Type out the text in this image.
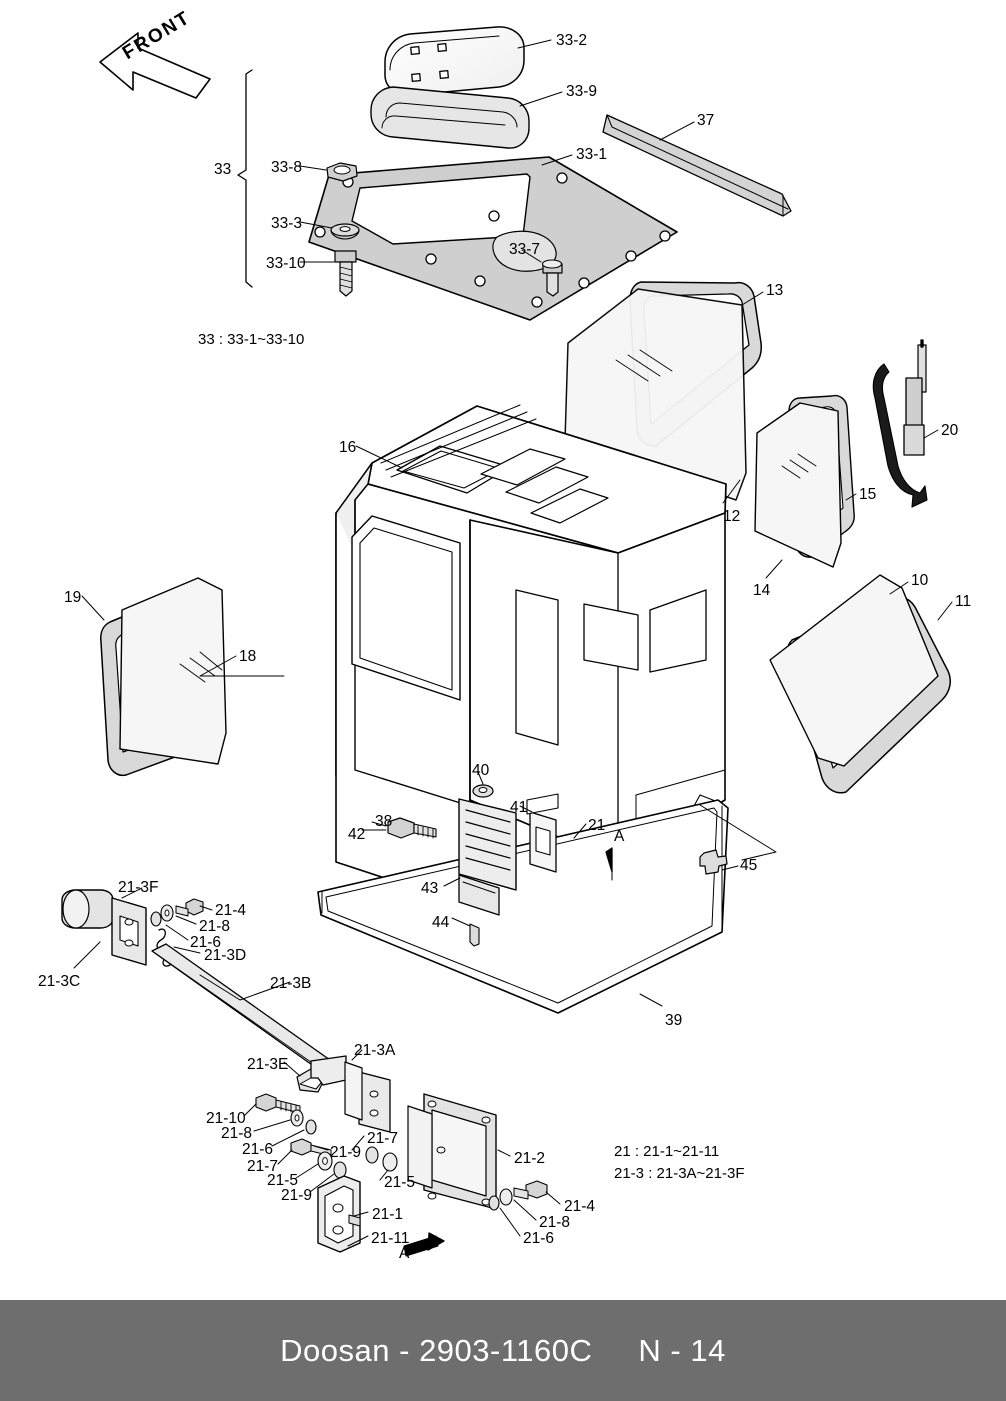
FRONT	33-2
33-9
37
33-1
33	33-8
33-3
33-7
33-10
13
20
16
15
12
14
10
11
19
18
40
41
21
38
42
45
43
44
21-3F
21-4
21-8
21-6
21-3D
21-3C	21-3B
39
21-3E
21-3A
21-10
21-8
21-6
21-7
21-9
21-7
21-5
21-9
21-5
21-2
21-1
21-11
21-4
21-8
21-6
33 : 33-1~33-10
21 : 21-1~21-11
21-3 : 21-3A~21-3F
A
A
Doosan - 2903-1160C N - 14
